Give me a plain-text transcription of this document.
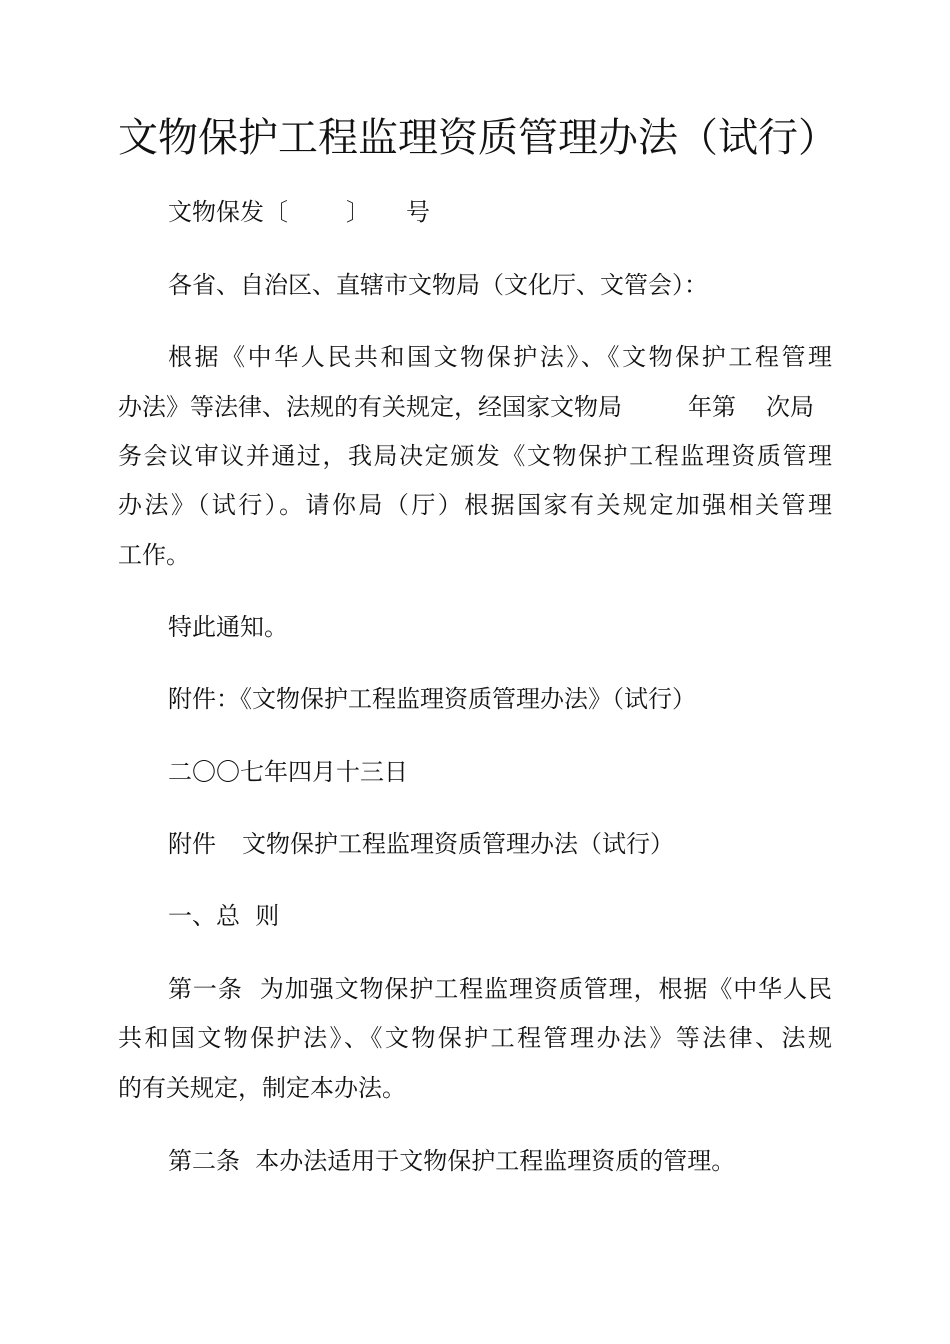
文物保护工程监理资质管理办法（试行）
文物保发〔 〕 号
各省、自治区、直辖市文物局（文化厅、文管会）：
根据《中华人民共和国文物保护法》、《文物保护工程管理
办法》等法律、法规的有关规定，经国家文物局	年第 次局
务会议审议并通过，我局决定颁发《文物保护工程监理资质管理
办法》（试行）。请你局（厅）根据国家有关规定加强相关管理
工作。
特此通知。
附件：《文物保护工程监理资质管理办法》（试行）
二〇〇七年四月十三日
附件 文物保护工程监理资质管理办法（试行）
一、总  则
第一条  为加强文物保护工程监理资质管理，根据《中华人民
共和国文物保护法》、《文物保护工程管理办法》等法律、法规
的有关规定，制定本办法。
第二条  本办法适用于文物保护工程监理资质的管理。
